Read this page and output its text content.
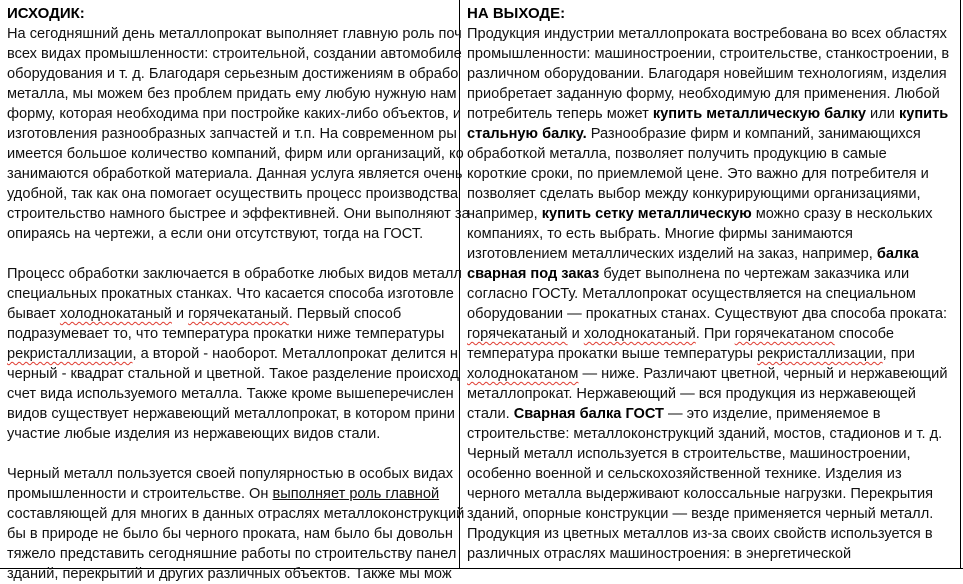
ИСХОДИК:
На сегодняшний день металлопрокат выполняет главную роль поч
всех видах промышленности: строительной, создании автомобиле
оборудования и т. д. Благодаря серьезным достижениям в обрабо
металла, мы можем без проблем придать ему любую нужную нам
форму, которая необходима при постройке каких-либо объектов, и
изготовления разнообразных запчастей и т.п. На современном ры
имеется большое количество компаний, фирм или организаций, ко
занимаются обработкой материала. Данная услуга является очень
удобной, так как она помогает осуществить процесс производства
строительство намного быстрее и эффективней. Они выполняют за
опираясь на чертежи, а если они отсутствуют, тогда на ГОСТ.
Процесс обработки заключается в обработке любых видов металл
специальных прокатных станках. Что касается способа изготовле
бывает холоднокатаный и горячекатаный. Первый способ
подразумевает то, что температура прокатки ниже температуры
рекристаллизации, а второй - наоборот. Металлопрокат делится н
черный - квадрат стальной и цветной. Такое разделение происход
счет вида используемого металла. Также кроме вышеперечислен
видов существует нержавеющий металлопрокат, в котором прини
участие любые изделия из нержавеющих видов стали.
Черный металл пользуется своей популярностью в особых видах
промышленности и строительстве. Он выполняет роль главной
составляющей для многих в данных отраслях металлоконструкций
бы в природе не было бы черного проката, нам было бы довольн
тяжело представить сегодняшние работы по строительству панел
зданий, перекрытий и других различных объектов. Также мы мож
НА ВЫХОДЕ:

Продукция индустрии металлопроката востребована во всех областях промышленности: машиностроении, строительстве, станкостроении, в различном оборудовании. Благодаря новейшим технологиям, изделия приобретает заданную форму, необходимую для применения. Любой потребитель теперь может купить металлическую балку или купить стальную балку. Разнообразие фирм и компаний, занимающихся обработкой металла, позволяет получить продукцию в самые короткие сроки, по приемлемой цене. Это важно для потребителя и позволяет сделать выбор между конкурирующими организациями, например, купить сетку металлическую можно сразу в нескольких компаниях, то есть выбрать. Многие фирмы занимаются изготовлением металлических изделий на заказ, например, балка сварная под заказ будет выполнена по чертежам заказчика или согласно ГОСТу. Металлопрокат осуществляется на специальном оборудовании — прокатных станах. Существуют два способа проката: горячекатаный и холоднокатаный. При горячекатаном способе температура прокатки выше температуры рекристаллизации, при холоднокатаном — ниже. Различают цветной, черный и нержавеющий металлопрокат. Нержавеющий — вся продукция из нержавеющей стали. Сварная балка ГОСТ — это изделие, применяемое в строительстве: металлоконструкций зданий, мостов, стадионов и т. д. Черный металл используется в строительстве, машиностроении, особенно военной и сельскохозяйственной технике. Изделия из черного металла выдерживают колоссальные нагрузки. Перекрытия зданий, опорные конструкции — везде применяется черный металл. Продукция из цветных металлов из-за своих свойств используется в различных отраслях машиностроения: в энергетической
